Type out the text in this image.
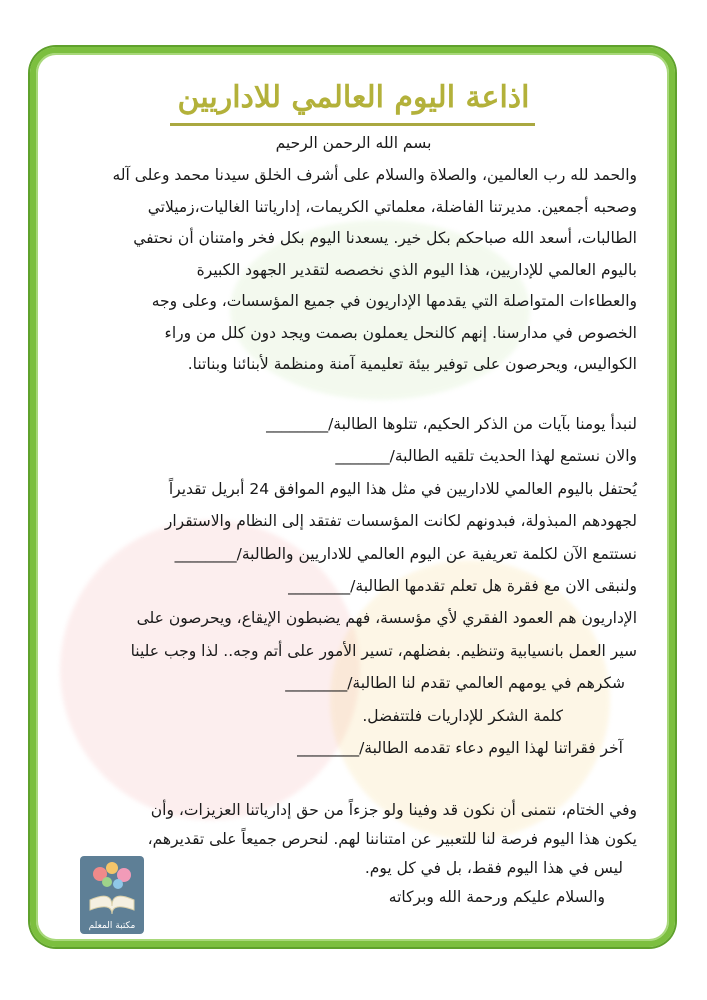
اذاعة اليوم العالمي للاداريين
بسم الله الرحمن الرحيم
والحمد لله رب العالمين، والصلاة والسلام على أشرف الخلق سيدنا محمد وعلى آله
وصحبه أجمعين. مديرتنا الفاضلة، معلماتي الكريمات، إدارياتنا الغاليات،زميلاتي
الطالبات، أسعد الله صباحكم بكل خير. يسعدنا اليوم بكل فخر وامتنان أن نحتفي
باليوم العالمي للإداريين، هذا اليوم الذي نخصصه لتقدير الجهود الكبيرة
والعطاءات المتواصلة التي يقدمها الإداريون في جميع المؤسسات، وعلى وجه
الخصوص في مدارسنا. إنهم كالنحل يعملون بصمت ويجد دون كلل من وراء
الكواليس، ويحرصون على توفير بيئة تعليمية آمنة ومنظمة لأبنائنا وبناتنا.
لنبدأ يومنا بآيات من الذكر الحكيم، تتلوها الطالبة/________
والان نستمع لهذا الحديث تلقيه الطالبة/_______
يُحتفل باليوم العالمي للاداريين في مثل هذا اليوم الموافق 24 أبريل تقديراً
لجهودهم المبذولة، فبدونهم لكانت المؤسسات تفتقد إلى النظام والاستقرار
نستتمع الآن لكلمة تعريفية عن اليوم العالمي للاداريين والطالبة/________
ولنبقى الان مع فقرة هل تعلم تقدمها الطالبة/________
الإداريون هم العمود الفقري لأي مؤسسة، فهم يضبطون الإيقاع، ويحرصون على
سير العمل بانسيابية وتنظيم. بفضلهم، تسير الأمور على أتم وجه.. لذا وجب علينا
شكرهم في يومهم العالمي تقدم لنا الطالبة/________
كلمة الشكر للإداريات فلتتفضل.
آخر فقراتنا لهذا اليوم دعاء تقدمه الطالبة/________
وفي الختام، نتمنى أن نكون قد وفينا ولو جزءاً من حق إدارياتنا العزيزات، وأن
يكون هذا اليوم فرصة لنا للتعبير عن امتناننا لهم. لنحرص جميعاً على تقديرهم،
ليس في هذا اليوم فقط، بل في كل يوم.
والسلام عليكم ورحمة الله وبركاته
مكتبة المعلم
